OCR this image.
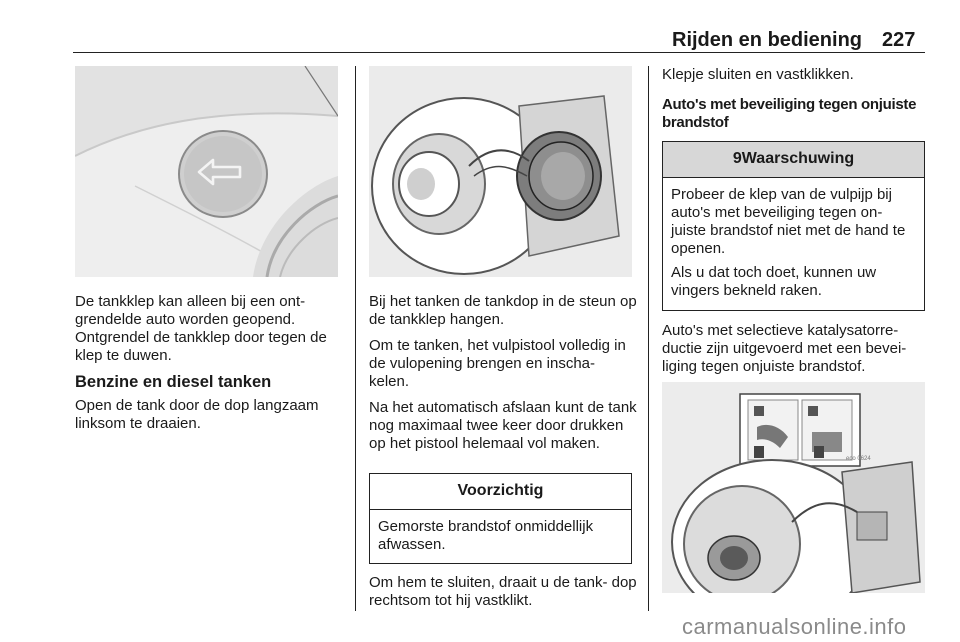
Rijden en bediening 227

De tankklep kan alleen bij een ont- grendelde auto worden geopend. Ontgrendel de tankklep door tegen de klep te duwen.

Benzine en diesel tanken

Open de tank door de dop langzaam linksom te draaien.

Bij het tanken de tankdop in de steun op de tankklep hangen.

Om te tanken, het vulpistool volledig in de vulopening brengen en inscha- kelen.

Na het automatisch afslaan kunt de tank nog maximaal twee keer door drukken op het pistool helemaal vol maken.

Voorzichtig
Gemorste brandstof onmiddellijk afwassen.

Om hem te sluiten, draait u de tank- dop rechtsom tot hij vastklikt.

Klepje sluiten en vastklikken.

Auto's met beveiliging tegen onjuiste brandstof
9Waarschuwing

Probeer de klep van de vulpijp bij auto's met beveiliging tegen on- juiste brandstof niet met de hand te openen.

Als u dat toch doet, kunnen uw vingers bekneld raken.

Auto's met selectieve katalysatorre- ductie zijn uitgevoerd met een bevei- liging tegen onjuiste brandstof.

eco 0624
carmanualsonline.info
